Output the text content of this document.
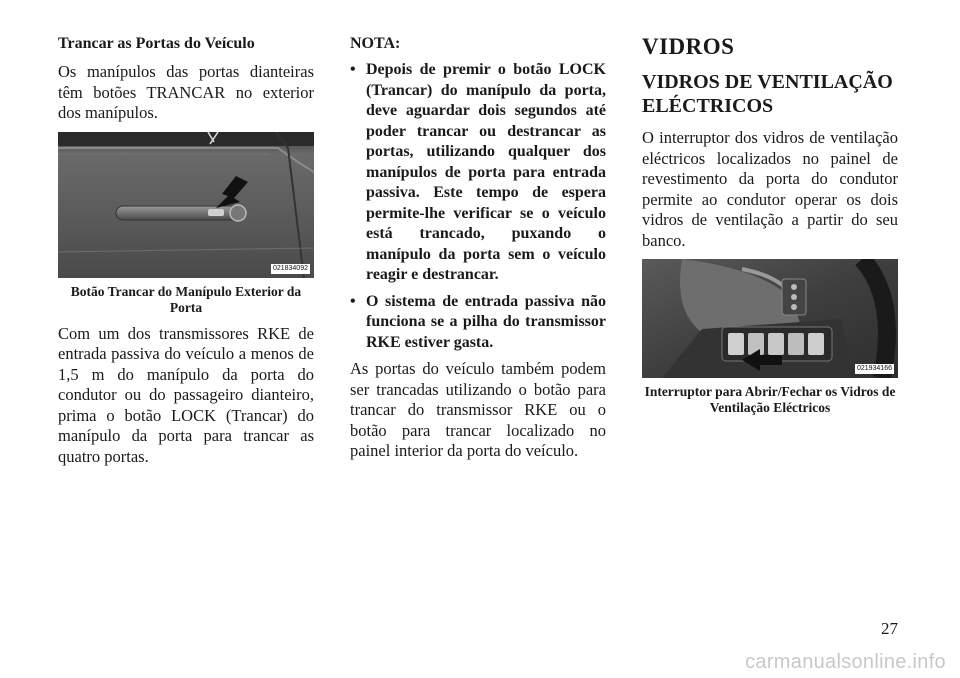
Trancar as Portas do Veículo

Os manípulos das portas dianteiras têm botões TRANCAR no exterior dos manípulos.

021834092
Botão Trancar do Manípulo Exterior da Porta

Com um dos transmissores RKE de entrada passiva do veículo a menos de 1,5 m do manípulo da porta do condutor ou do passageiro dianteiro, prima o botão LOCK (Trancar) do manípulo da porta para trancar as quatro portas.

NOTA:
• Depois de premir o botão LOCK (Trancar) do manípulo da porta, deve aguardar dois segundos até poder trancar ou destrancar as portas, utilizando qualquer dos manípulos de porta para entrada passiva. Este tempo de espera permite-lhe verificar se o veículo está trancado, puxando o manípulo da porta sem o veículo reagir e destrancar.
• O sistema de entrada passiva não funciona se a pilha do transmissor RKE estiver gasta.

As portas do veículo também podem ser trancadas utilizando o botão para trancar do transmissor RKE ou o botão para trancar localizado no painel interior da porta do veículo.

VIDROS
VIDROS DE VENTILAÇÃO ELÉCTRICOS

O interruptor dos vidros de ventilação eléctricos localizados no painel de revestimento da porta do condutor permite ao condutor operar os dois vidros de ventilação a partir do seu banco.

021934166
Interruptor para Abrir/Fechar os Vidros de Ventilação Eléctricos
27
carmanualsonline.info
